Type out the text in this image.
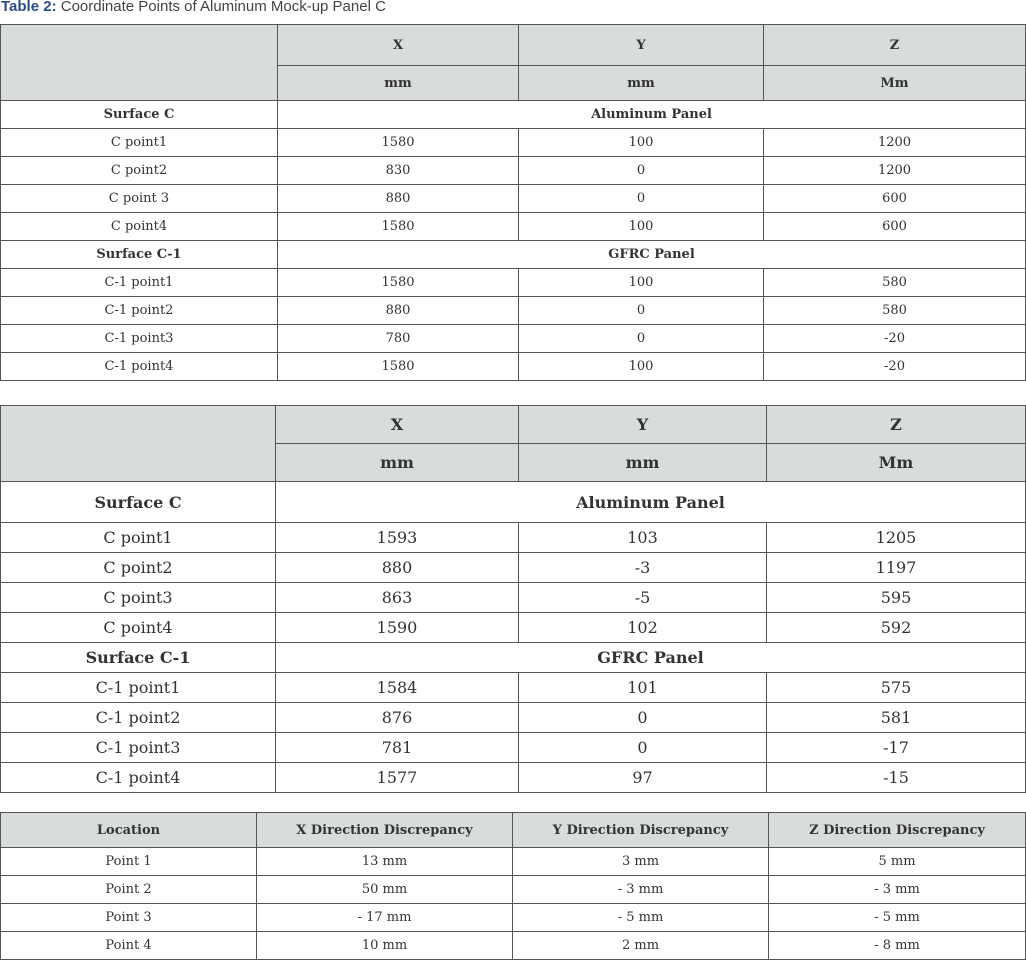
Table 2: Coordinate Points of Aluminum Mock-up Panel C
	X	Y	Z
	mm	mm	Mm
Surface C	Aluminum Panel		
C point1	1580	100	1200
C point2	830	0	1200
C point 3	880	0	600
C point4	1580	100	600
Surface C-1	GFRC Panel		
C-1 point1	1580	100	580
C-1 point2	880	0	580
C-1 point3	780	0	-20
C-1 point4	1580	100	-20
	X	Y	Z
	mm	mm	Mm
Surface C	Aluminum Panel		
C point1	1593	103	1205
C point2	880	-3	1197
C point3	863	-5	595
C point4	1590	102	592
Surface C-1	GFRC Panel		
C-1 point1	1584	101	575
C-1 point2	876	0	581
C-1 point3	781	0	-17
C-1 point4	1577	97	-15
Location	X Direction Discrepancy	Y Direction Discrepancy	Z Direction Discrepancy
Point 1	13 mm	3 mm	5 mm
Point 2	50 mm	- 3 mm	- 3 mm
Point 3	- 17 mm	- 5 mm	- 5 mm
Point 4	10 mm	2 mm	- 8 mm
